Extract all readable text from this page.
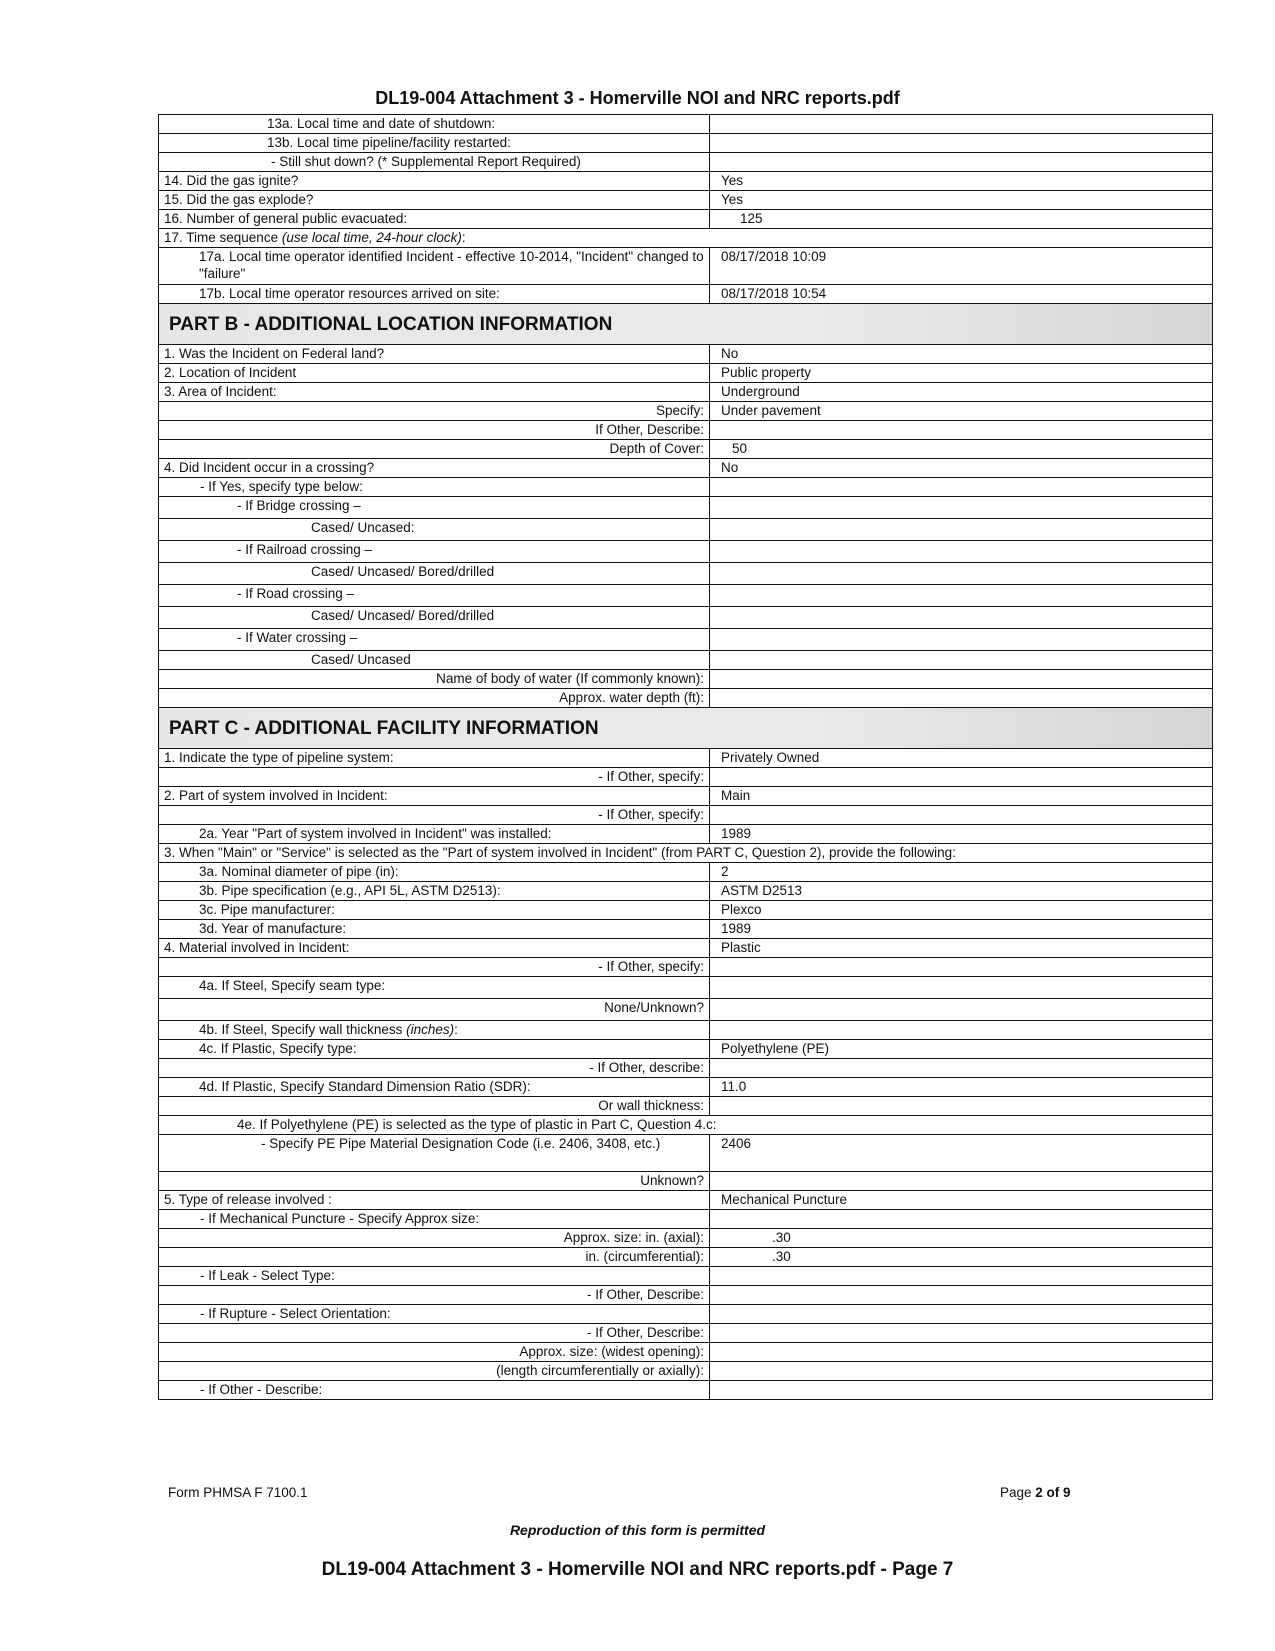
DL19-004 Attachment 3 - Homerville NOI and NRC reports.pdf
13a. Local time and date of shutdown:	
13b. Local time pipeline/facility restarted:	
- Still shut down? (* Supplemental Report Required)	
14. Did the gas ignite?	Yes
15. Did the gas explode?	Yes
16. Number of general public evacuated:	125
17. Time sequence (use local time, 24-hour clock):	
17a. Local time operator identified Incident - effective 10-2014, "Incident" changed to "failure"	08/17/2018 10:09
17b. Local time operator resources arrived on site:	08/17/2018 10:54
PART B - ADDITIONAL LOCATION INFORMATION	
1. Was the Incident on Federal land?	No
2. Location of Incident	Public property
3. Area of Incident:	Underground
Specify:	Under pavement
If Other, Describe:	
Depth of Cover:	50
4. Did Incident occur in a crossing?	No
- If Yes, specify type below:	
- If Bridge crossing –	
Cased/ Uncased:	
- If Railroad crossing –	
Cased/ Uncased/ Bored/drilled	
- If Road crossing –	
Cased/ Uncased/ Bored/drilled	
- If Water crossing –	
Cased/ Uncased	
Name of body of water (If commonly known):	
Approx. water depth (ft):	
PART C - ADDITIONAL FACILITY INFORMATION	
1. Indicate the type of pipeline system:	Privately Owned
- If Other, specify:	
2. Part of system involved in Incident:	Main
- If Other, specify:	
2a. Year "Part of system involved in Incident" was installed:	1989
3. When "Main" or "Service" is selected as the "Part of system involved in Incident" (from PART C, Question 2), provide the following:	
3a. Nominal diameter of pipe (in):	2
3b. Pipe specification (e.g., API 5L, ASTM D2513):	ASTM D2513
3c. Pipe manufacturer:	Plexco
3d. Year of manufacture:	1989
4. Material involved in Incident:	Plastic
- If Other, specify:	
4a. If Steel, Specify seam type:	
None/Unknown?	
4b. If Steel, Specify wall thickness (inches):	
4c. If Plastic, Specify type:	Polyethylene (PE)
- If Other, describe:	
4d. If Plastic, Specify Standard Dimension Ratio (SDR):	11.0
Or wall thickness:	
4e. If Polyethylene (PE) is selected as the type of plastic in Part C, Question 4.c:	
- Specify PE Pipe Material Designation Code (i.e. 2406, 3408, etc.)	2406
Unknown?	
5. Type of release involved :	Mechanical Puncture
- If Mechanical Puncture - Specify Approx size:	
Approx. size: in. (axial):	.30
in. (circumferential):	.30
- If Leak - Select Type:	
- If Other, Describe:	
- If Rupture - Select Orientation:	
- If Other, Describe:	
Approx. size: (widest opening):	
(length circumferentially or axially):	
- If Other - Describe:	
Form PHMSA F 7100.1	Page 2 of 9
Reproduction of this form is permitted
DL19-004 Attachment 3 - Homerville NOI and NRC reports.pdf - Page 7
